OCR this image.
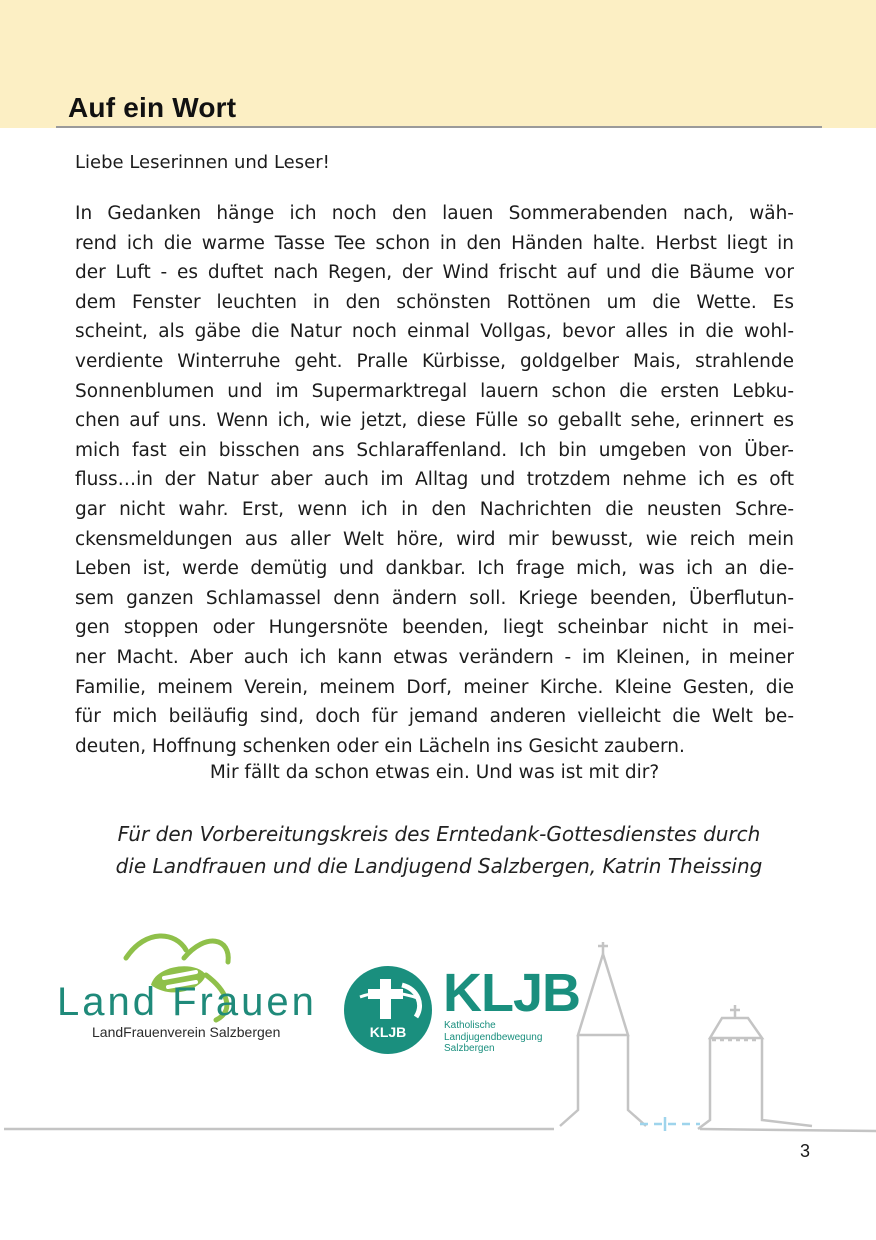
Auf ein Wort

Liebe Leserinnen und Leser!

In Gedanken hänge ich noch den lauen Sommerabenden nach, wäh-
rend ich die warme Tasse Tee schon in den Händen halte. Herbst liegt in
der Luft - es duftet nach Regen, der Wind frischt auf und die Bäume vor
dem Fenster leuchten in den schönsten Rottönen um die Wette. Es
scheint, als gäbe die Natur noch einmal Vollgas, bevor alles in die wohl-
verdiente Winterruhe geht. Pralle Kürbisse, goldgelber Mais, strahlende
Sonnenblumen und im Supermarktregal lauern schon die ersten Lebku-
chen auf uns. Wenn ich, wie jetzt, diese Fülle so geballt sehe, erinnert es
mich fast ein bisschen ans Schlaraffenland. Ich bin umgeben von Über-
fluss…in der Natur aber auch im Alltag und trotzdem nehme ich es oft
gar nicht wahr. Erst, wenn ich in den Nachrichten die neusten Schre-
ckensmeldungen aus aller Welt höre, wird mir bewusst, wie reich mein
Leben ist, werde demütig und dankbar. Ich frage mich, was ich an die-
sem ganzen Schlamassel denn ändern soll. Kriege beenden, Überflutun-
gen stoppen oder Hungersnöte beenden, liegt scheinbar nicht in mei-
ner Macht. Aber auch ich kann etwas verändern - im Kleinen, in meiner
Familie, meinem Verein, meinem Dorf, meiner Kirche. Kleine Gesten, die
für mich beiläufig sind, doch für jemand anderen vielleicht die Welt be-
deuten, Hoffnung schenken oder ein Lächeln ins Gesicht zaubern.

Mir fällt da schon etwas ein. Und was ist mit dir?

Für den Vorbereitungskreis des Erntedank-Gottesdienstes durch
die Landfrauen und die Landjugend Salzbergen, Katrin Theissing

Land Frauen

LandFrauenverein Salzbergen	KLJB

KLJB

Katholische
Landjugendbewegung
Salzbergen

3
